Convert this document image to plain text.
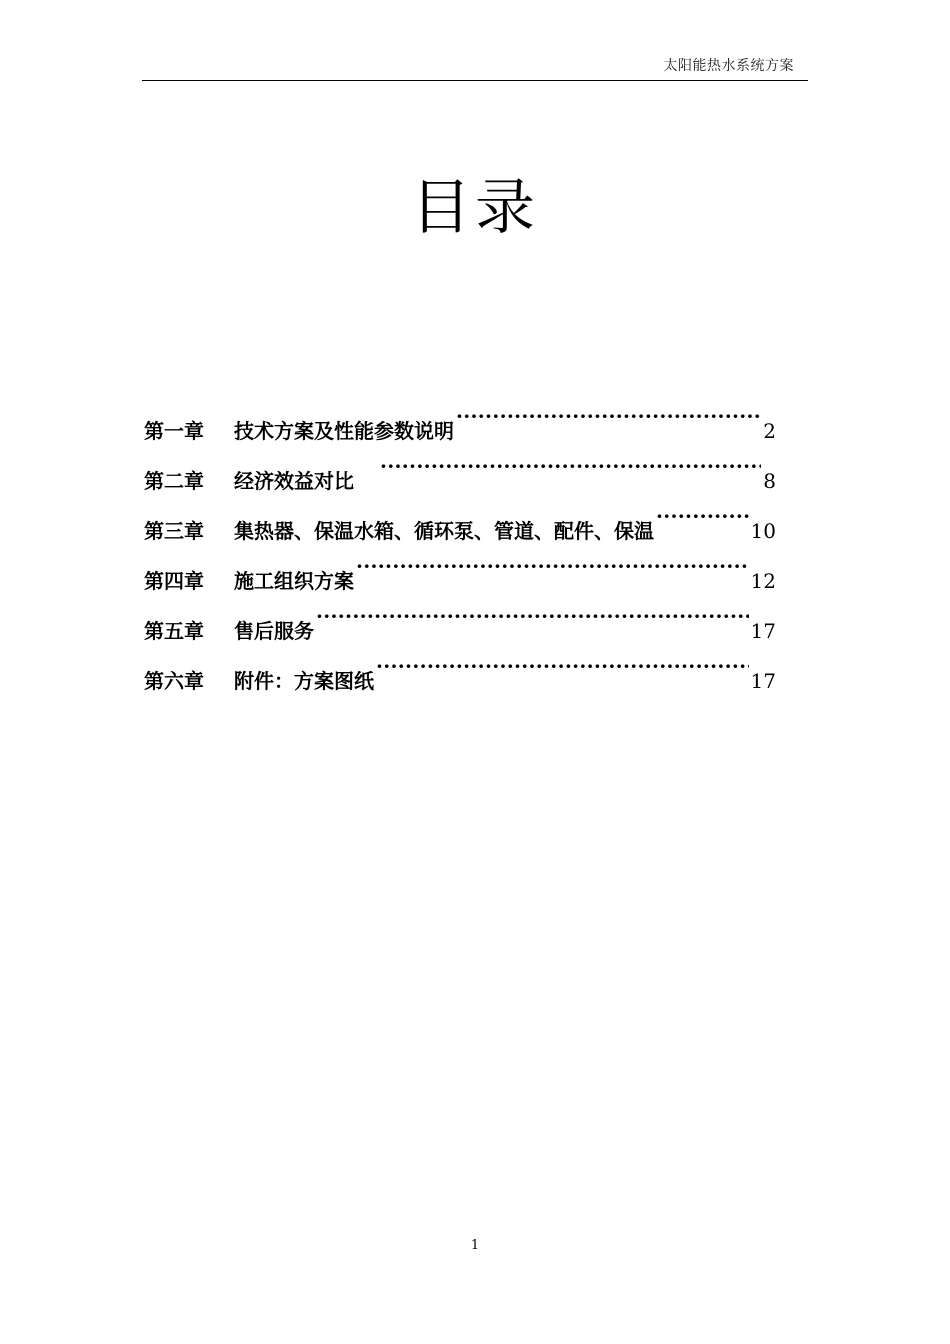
太阳能热水系统方案
目录
第一章	技术方案及性能参数说明 ·····	2
第二章	经济效益对比 ·····	8
第三章	集热器、保温水箱、循环泵、管道、配件、保温 ·····	10
第四章	施工组织方案 ·····	12
第五章	售后服务 ·····	17
第六章	附件：方案图纸 ·····	17
1
